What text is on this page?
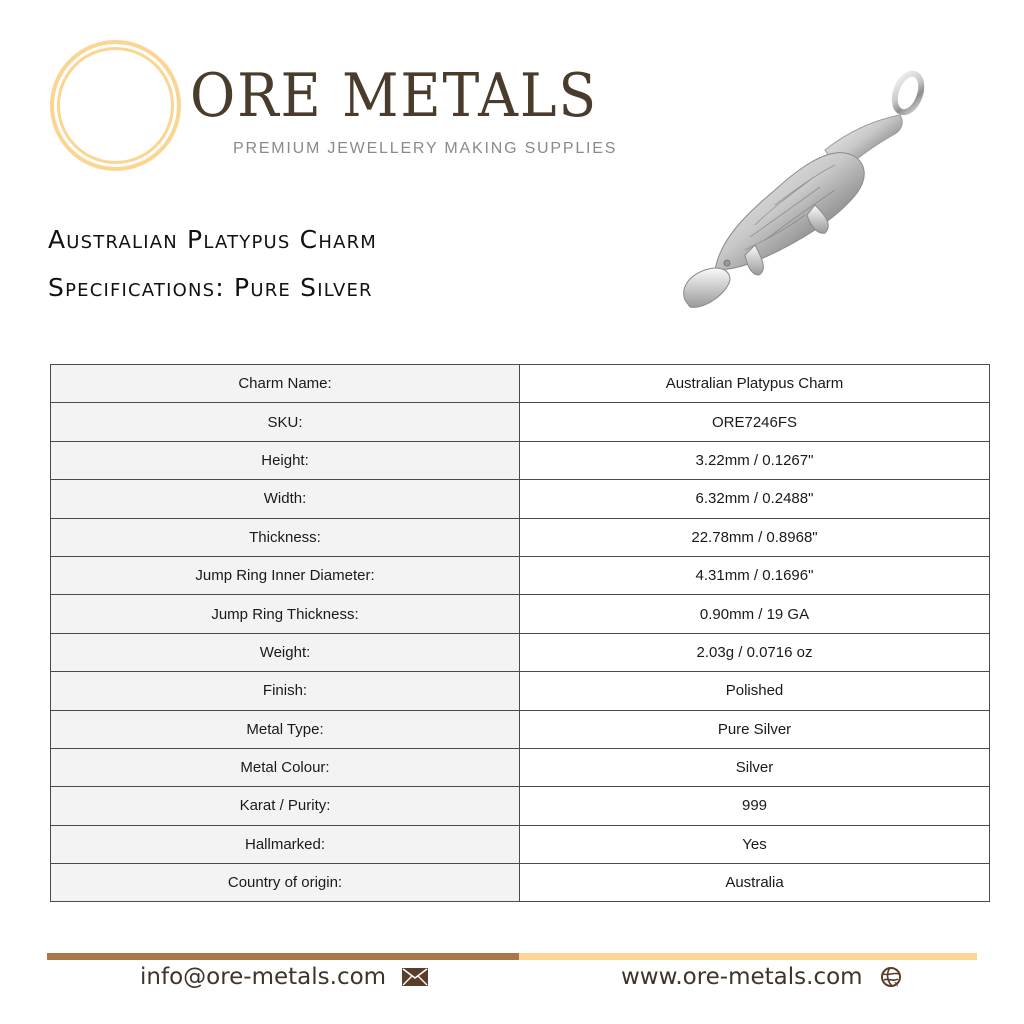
ORE METALS
PREMIUM JEWELLERY MAKING SUPPLIES
Australian Platypus Charm
Specifications: Pure Silver
Charm Name:	Australian Platypus Charm
SKU:	ORE7246FS
Height:	3.22mm / 0.1267"
Width:	6.32mm / 0.2488"
Thickness:	22.78mm / 0.8968"
Jump Ring Inner Diameter:	4.31mm / 0.1696"
Jump Ring Thickness:	0.90mm / 19 GA
Weight:	2.03g / 0.0716 oz
Finish:	Polished
Metal Type:	Pure Silver
Metal Colour:	Silver
Karat / Purity:	999
Hallmarked:	Yes
Country of origin:	Australia
info@ore-metals.com	www.ore-metals.com
